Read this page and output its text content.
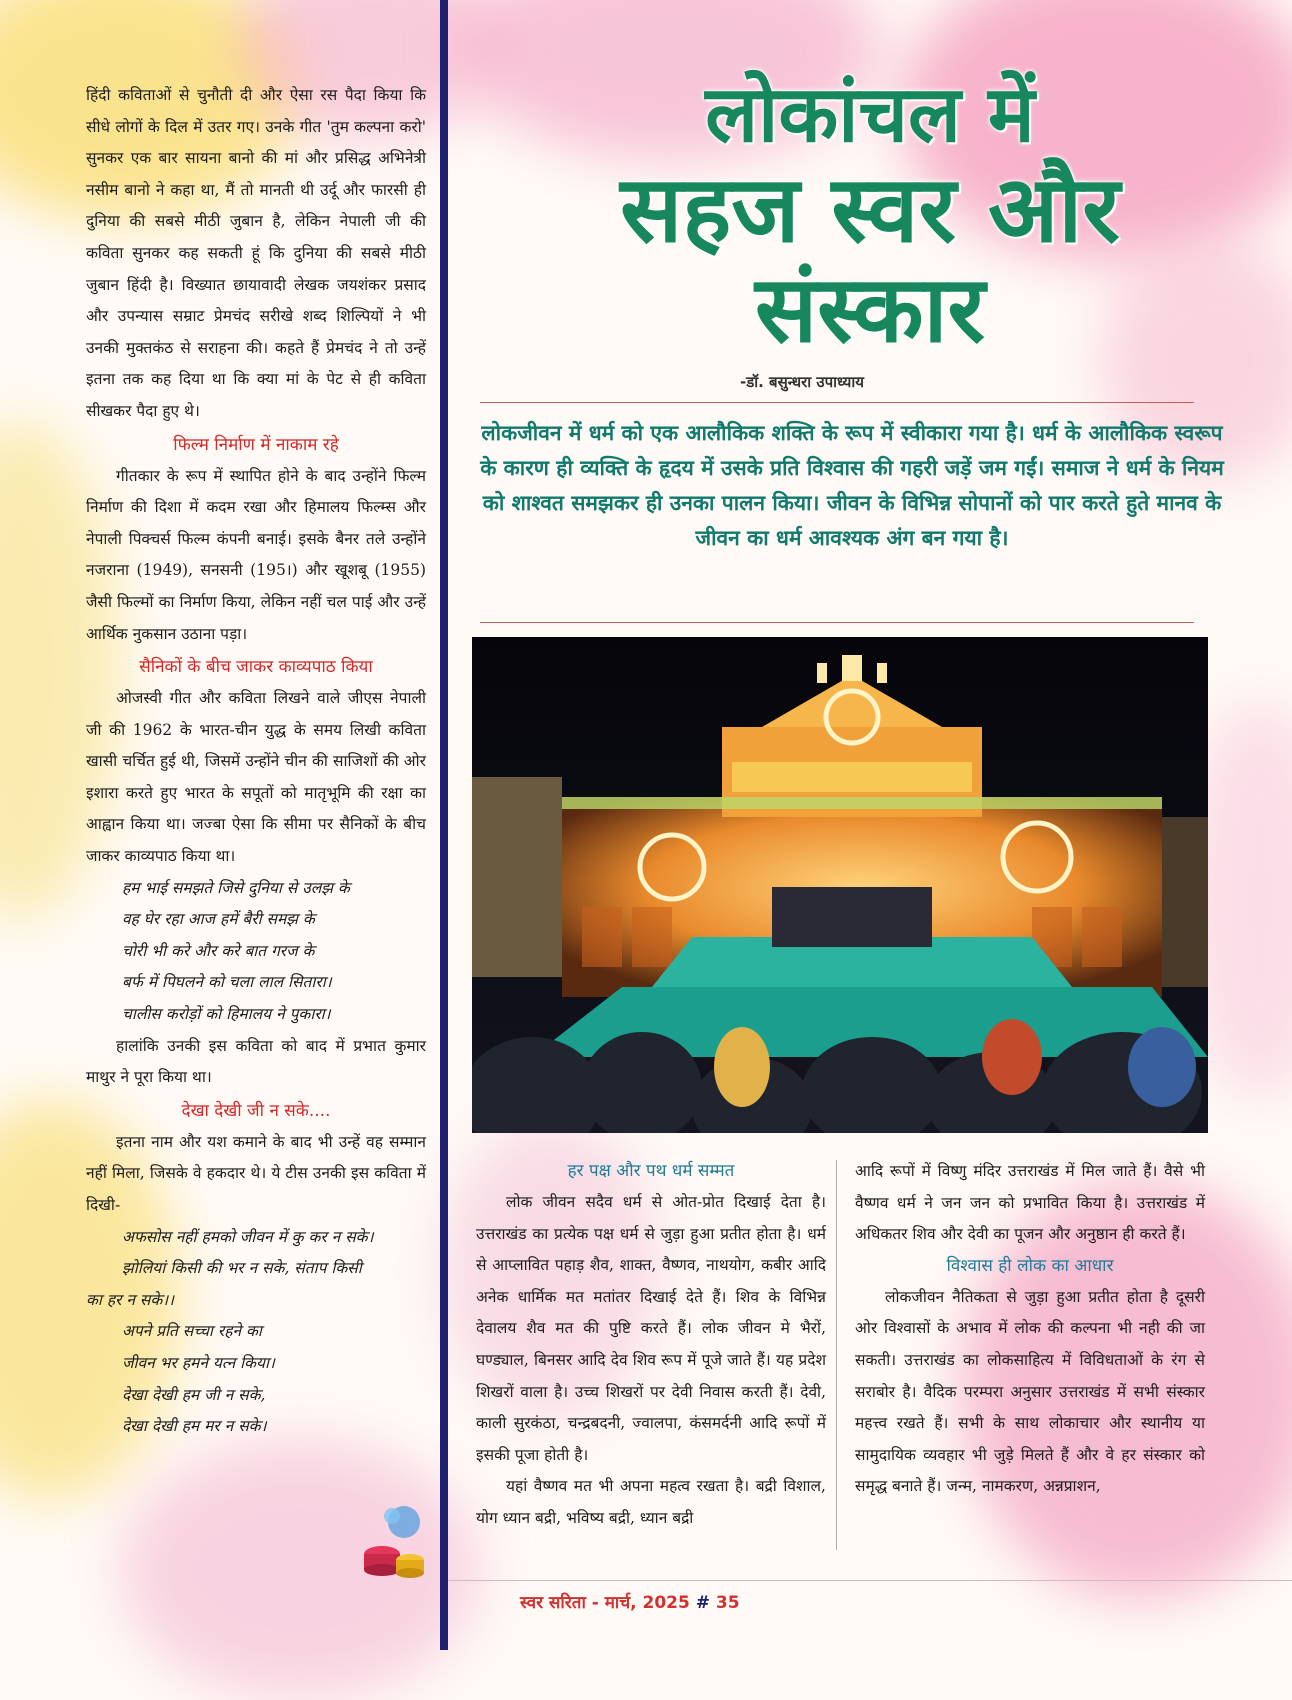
हिंदी कविताओं से चुनौती दी और ऐसा रस पैदा किया कि सीधे लोगों के दिल में उतर गए। उनके गीत 'तुम कल्पना करो' सुनकर एक बार सायना बानो की मां और प्रसिद्ध अभिनेत्री नसीम बानो ने कहा था, मैं तो मानती थी उर्दू और फारसी ही दुनिया की सबसे मीठी जुबान है, लेकिन नेपाली जी की कविता सुनकर कह सकती हूं कि दुनिया की सबसे मीठी जुबान हिंदी है। विख्यात छायावादी लेखक जयशंकर प्रसाद और उपन्यास सम्राट प्रेमचंद सरीखे शब्द शिल्पियों ने भी उनकी मुक्तकंठ से सराहना की। कहते हैं प्रेमचंद ने तो उन्हें इतना तक कह दिया था कि क्या मां के पेट से ही कविता सीखकर पैदा हुए थे।

फिल्म निर्माण में नाकाम रहे

गीतकार के रूप में स्थापित होने के बाद उन्होंने फिल्म निर्माण की दिशा में कदम रखा और हिमालय फिल्म्स और नेपाली पिक्चर्स फिल्म कंपनी बनाई। इसके बैनर तले उन्होंने नजराना (1949), सनसनी (195।) और खूशबू (1955) जैसी फिल्मों का निर्माण किया, लेकिन नहीं चल पाई और उन्हें आर्थिक नुकसान उठाना पड़ा।

सैनिकों के बीच जाकर काव्यपाठ किया

ओजस्वी गीत और कविता लिखने वाले जीएस नेपाली जी की 1962 के भारत-चीन युद्ध के समय लिखी कविता खासी चर्चित हुई थी, जिसमें उन्होंने चीन की साजिशों की ओर इशारा करते हुए भारत के सपूतों को मातृभूमि की रक्षा का आह्वान किया था। जज्बा ऐसा कि सीमा पर सैनिकों के बीच जाकर काव्यपाठ किया था।

हम भाई समझते जिसे दुनिया से उलझ के
वह घेर रहा आज हमें बैरी समझ के
चोरी भी करे और करे बात गरज के
बर्फ में पिघलने को चला लाल सितारा।
चालीस करोड़ों को हिमालय ने पुकारा।

हालांकि उनकी इस कविता को बाद में प्रभात कुमार माथुर ने पूरा किया था।

देखा देखी जी न सके....

इतना नाम और यश कमाने के बाद भी उन्हें वह सम्मान नहीं मिला, जिसके वे हकदार थे। ये टीस उनकी इस कविता में दिखी-

अफसोस नहीं हमको जीवन में कु कर न सके।
झोलियां किसी की भर न सके, संताप किसी
का हर न सके।।
अपने प्रति सच्चा रहने का
जीवन भर हमने यत्न किया।
देखा देखी हम जी न सके,
देखा देखी हम मर न सके।
लोकांचल में
सहज स्वर और
संस्कार
-डॉ. बसुन्धरा उपाध्याय
लोकजीवन में धर्म को एक आलौकिक शक्ति के रूप में स्वीकारा गया है। धर्म के आलौकिक स्वरूप के कारण ही व्यक्ति के हृदय में उसके प्रति विश्वास की गहरी जड़ें जम गईं। समाज ने धर्म के नियम को शाश्वत समझकर ही उनका पालन किया। जीवन के विभिन्न सोपानों को पार करते हुते मानव के जीवन का धर्म आवश्यक अंग बन गया है।
हर पक्ष और पथ धर्म सम्मत

लोक जीवन सदैव धर्म से ओत-प्रोत दिखाई देता है। उत्तराखंड का प्रत्येक पक्ष धर्म से जुड़ा हुआ प्रतीत होता है। धर्म से आप्लावित पहाड़ शैव, शाक्त, वैष्णव, नाथयोग, कबीर आदि अनेक धार्मिक मत मतांतर दिखाई देते हैं। शिव के विभिन्न देवालय शैव मत की पुष्टि करते हैं। लोक जीवन मे भैरों, घण्ड्याल, बिनसर आदि देव शिव रूप में पूजे जाते हैं। यह प्रदेश शिखरों वाला है। उच्च शिखरों पर देवी निवास करती हैं। देवी, काली सुरकंठा, चन्द्रबदनी, ज्वालपा, कंसमर्दनी आदि रूपों में इसकी पूजा होती है।

यहां वैष्णव मत भी अपना महत्व रखता है। बद्री विशाल, योग ध्यान बद्री, भविष्य बद्री, ध्यान बद्री

आदि रूपों में विष्णु मंदिर उत्तराखंड में मिल जाते हैं। वैसे भी वैष्णव धर्म ने जन जन को प्रभावित किया है। उत्तराखंड में अधिकतर शिव और देवी का पूजन और अनुष्ठान ही करते हैं।

विश्वास ही लोक का आधार

लोकजीवन नैतिकता से जुड़ा हुआ प्रतीत होता है दूसरी ओर विश्वासों के अभाव में लोक की कल्पना भी नही की जा सकती। उत्तराखंड का लोकसाहित्य में विविधताओं के रंग से सराबोर है। वैदिक परम्परा अनुसार उत्तराखंड में सभी संस्कार महत्त्व रखते हैं। सभी के साथ लोकाचार और स्थानीय या सामुदायिक व्यवहार भी जुड़े मिलते हैं और वे हर संस्कार को समृद्ध बनाते हैं। जन्म, नामकरण, अन्नप्राशन,

स्वर सरिता - मार्च, 2025 # 35
